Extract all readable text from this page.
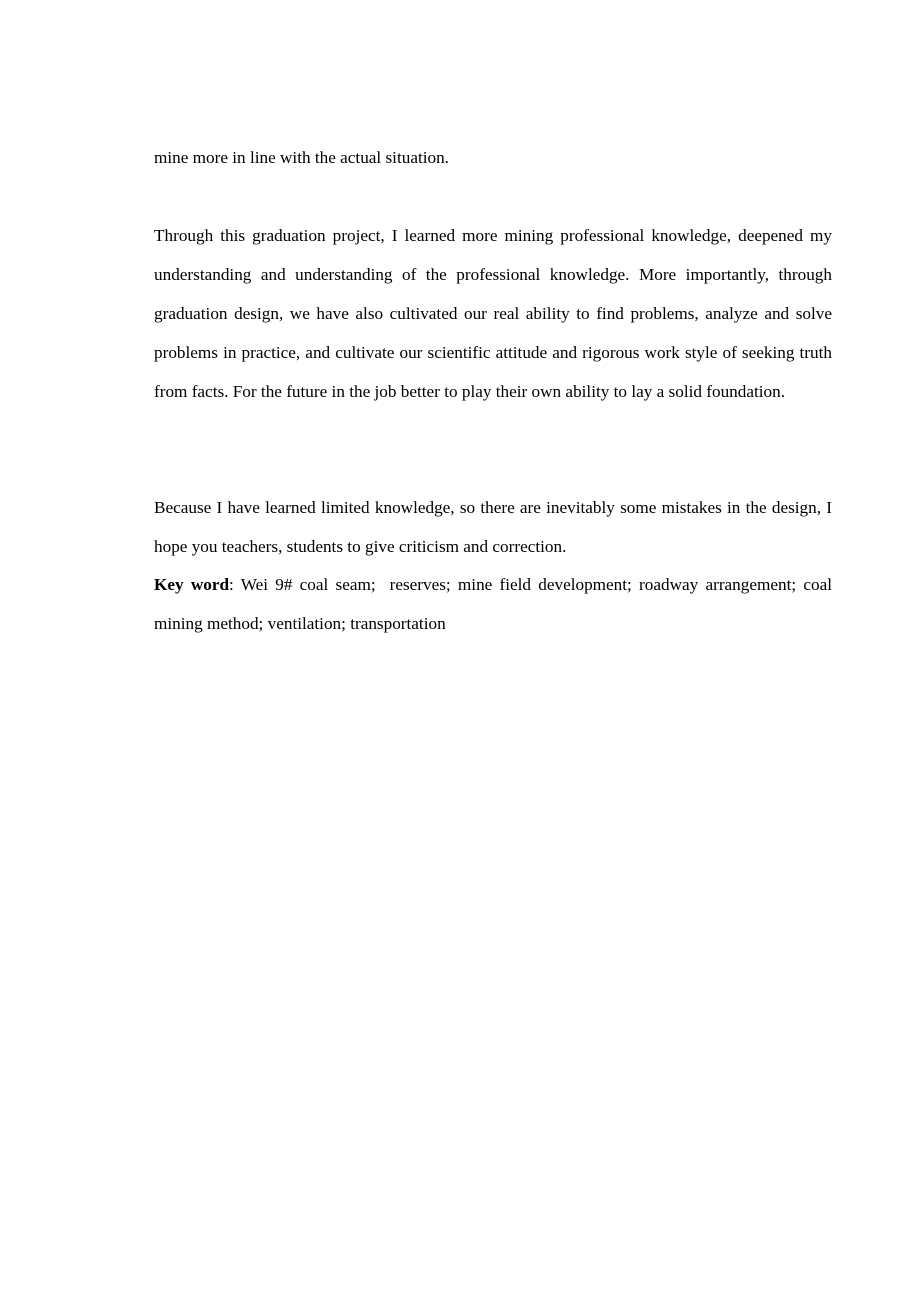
mine more in line with the actual situation.

Through this graduation project, I learned more mining professional knowledge, deepened my understanding and understanding of the professional knowledge. More importantly, through graduation design, we have also cultivated our real ability to find problems, analyze and solve problems in practice, and cultivate our scientific attitude and rigorous work style of seeking truth from facts. For the future in the job better to play their own ability to lay a solid foundation.

Because I have learned limited knowledge, so there are inevitably some mistakes in the design, I hope you teachers, students to give criticism and correction.

Key word: Wei 9# coal seam; reserves; mine field development; roadway arrangement; coal mining method; ventilation; transportation
